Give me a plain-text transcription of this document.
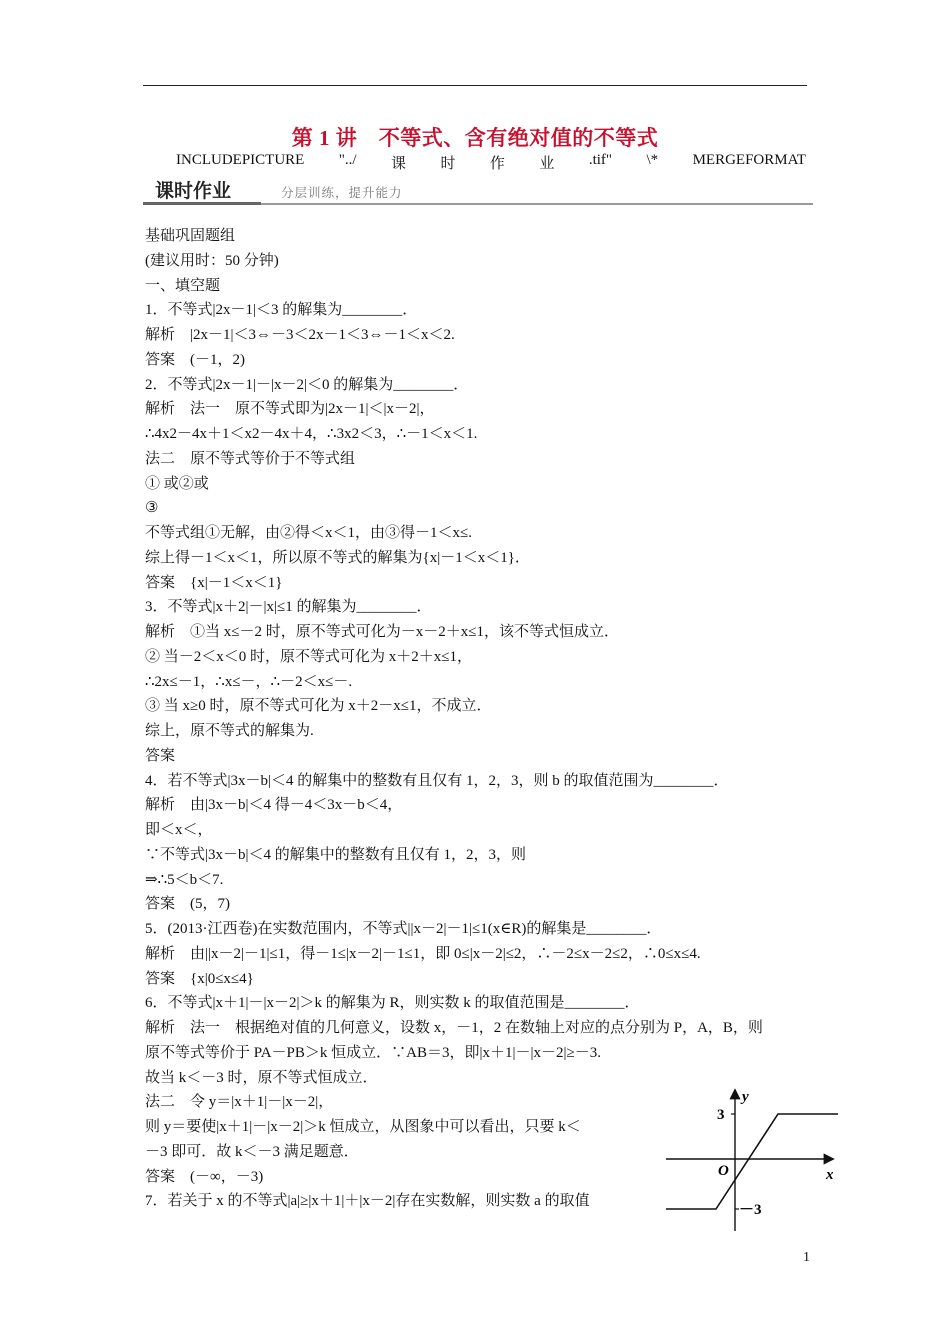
第 1 讲　不等式、含有绝对值的不等式
INCLUDEPICTURE "../ 课 时 作 业 .tif" \* MERGEFORMAT
课时作业	分层训练，提升能力
基础巩固题组
(建议用时：50 分钟)
一、填空题
1．不等式|2x－1|＜3 的解集为________．
解析　|2x－1|＜3⇔－3＜2x－1＜3⇔－1＜x＜2.
答案　(－1，2)
2．不等式|2x－1|－|x－2|＜0 的解集为________．
解析　法一　原不等式即为|2x－1|＜|x－2|，
∴4x2－4x＋1＜x2－4x＋4，∴3x2＜3，∴－1＜x＜1.
法二　原不等式等价于不等式组
① 或②或
③
不等式组①无解，由②得＜x＜1，由③得－1＜x≤.
综上得－1＜x＜1，所以原不等式的解集为{x|－1＜x＜1}．
答案　{x|－1＜x＜1}
3．不等式|x＋2|－|x|≤1 的解集为________．
解析　①当 x≤－2 时，原不等式可化为－x－2＋x≤1，该不等式恒成立．
② 当－2＜x＜0 时，原不等式可化为 x＋2＋x≤1，
∴2x≤－1，∴x≤－，∴－2＜x≤－.
③ 当 x≥0 时，原不等式可化为 x＋2－x≤1，不成立．
综上，原不等式的解集为.
答案
4．若不等式|3x－b|＜4 的解集中的整数有且仅有 1，2，3，则 b 的取值范围为________．
解析　由|3x－b|＜4 得－4＜3x－b＜4，
即＜x＜，
∵不等式|3x－b|＜4 的解集中的整数有且仅有 1，2，3，则
⇒∴5＜b＜7.
答案　(5，7)
5．(2013·江西卷)在实数范围内，不等式||x－2|－1|≤1(x∈R)的解集是________．
解析　由||x－2|－1|≤1，得－1≤|x－2|－1≤1，即 0≤|x－2|≤2，∴－2≤x－2≤2，∴0≤x≤4.
答案　{x|0≤x≤4}
6．不等式|x＋1|－|x－2|＞k 的解集为 R，则实数 k 的取值范围是________．
解析　法一　根据绝对值的几何意义，设数 x，－1，2 在数轴上对应的点分别为 P，A，B，则
原不等式等价于 PA－PB＞k 恒成立．∵AB＝3，即|x＋1|－|x－2|≥－3.
故当 k＜－3 时，原不等式恒成立．
法二　令 y＝|x＋1|－|x－2|，
则 y＝要使|x＋1|－|x－2|＞k 恒成立，从图象中可以看出，只要 k＜
－3 即可．故 k＜－3 满足题意．
答案　(－∞，－3)
7．若关于 x 的不等式|a|≥|x＋1|＋|x－2|存在实数解，则实数 a 的取值
y
x
O
3
－3
1
